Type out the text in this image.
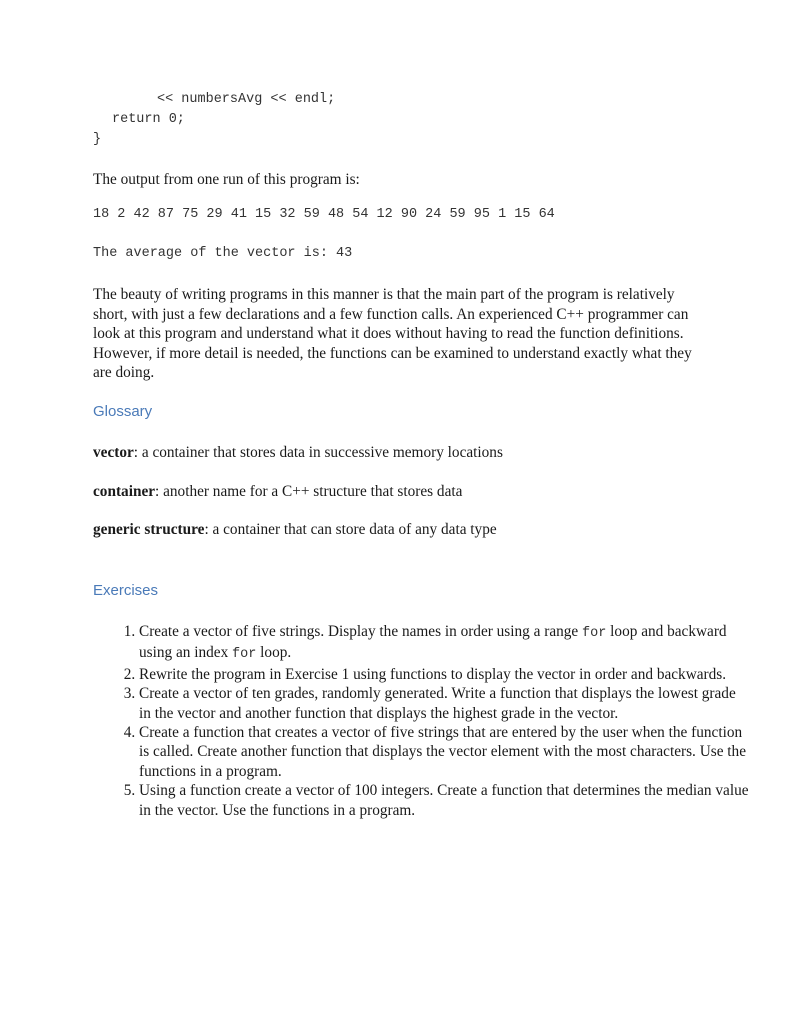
<< numbersAvg << endl;
return 0;
}

The output from one run of this program is:

18 2 42 87 75 29 41 15 32 59 48 54 12 90 24 59 95 1 15 64
The average of the vector is: 43

The beauty of writing programs in this manner is that the main part of the program is relatively short, with just a few declarations and a few function calls. An experienced C++ programmer can look at this program and understand what it does without having to read the function definitions. However, if more detail is needed, the functions can be examined to understand exactly what they are doing.

Glossary

vector: a container that stores data in successive memory locations

container: another name for a C++ structure that stores data

generic structure: a container that can store data of any data type

Exercises
1. Create a vector of five strings. Display the names in order using a range for loop and backward using an index for loop.
2. Rewrite the program in Exercise 1 using functions to display the vector in order and backwards.
3. Create a vector of ten grades, randomly generated. Write a function that displays the lowest grade in the vector and another function that displays the highest grade in the vector.
4. Create a function that creates a vector of five strings that are entered by the user when the function is called. Create another function that displays the vector element with the most characters. Use the functions in a program.
5. Using a function create a vector of 100 integers. Create a function that determines the median value in the vector. Use the functions in a program.
